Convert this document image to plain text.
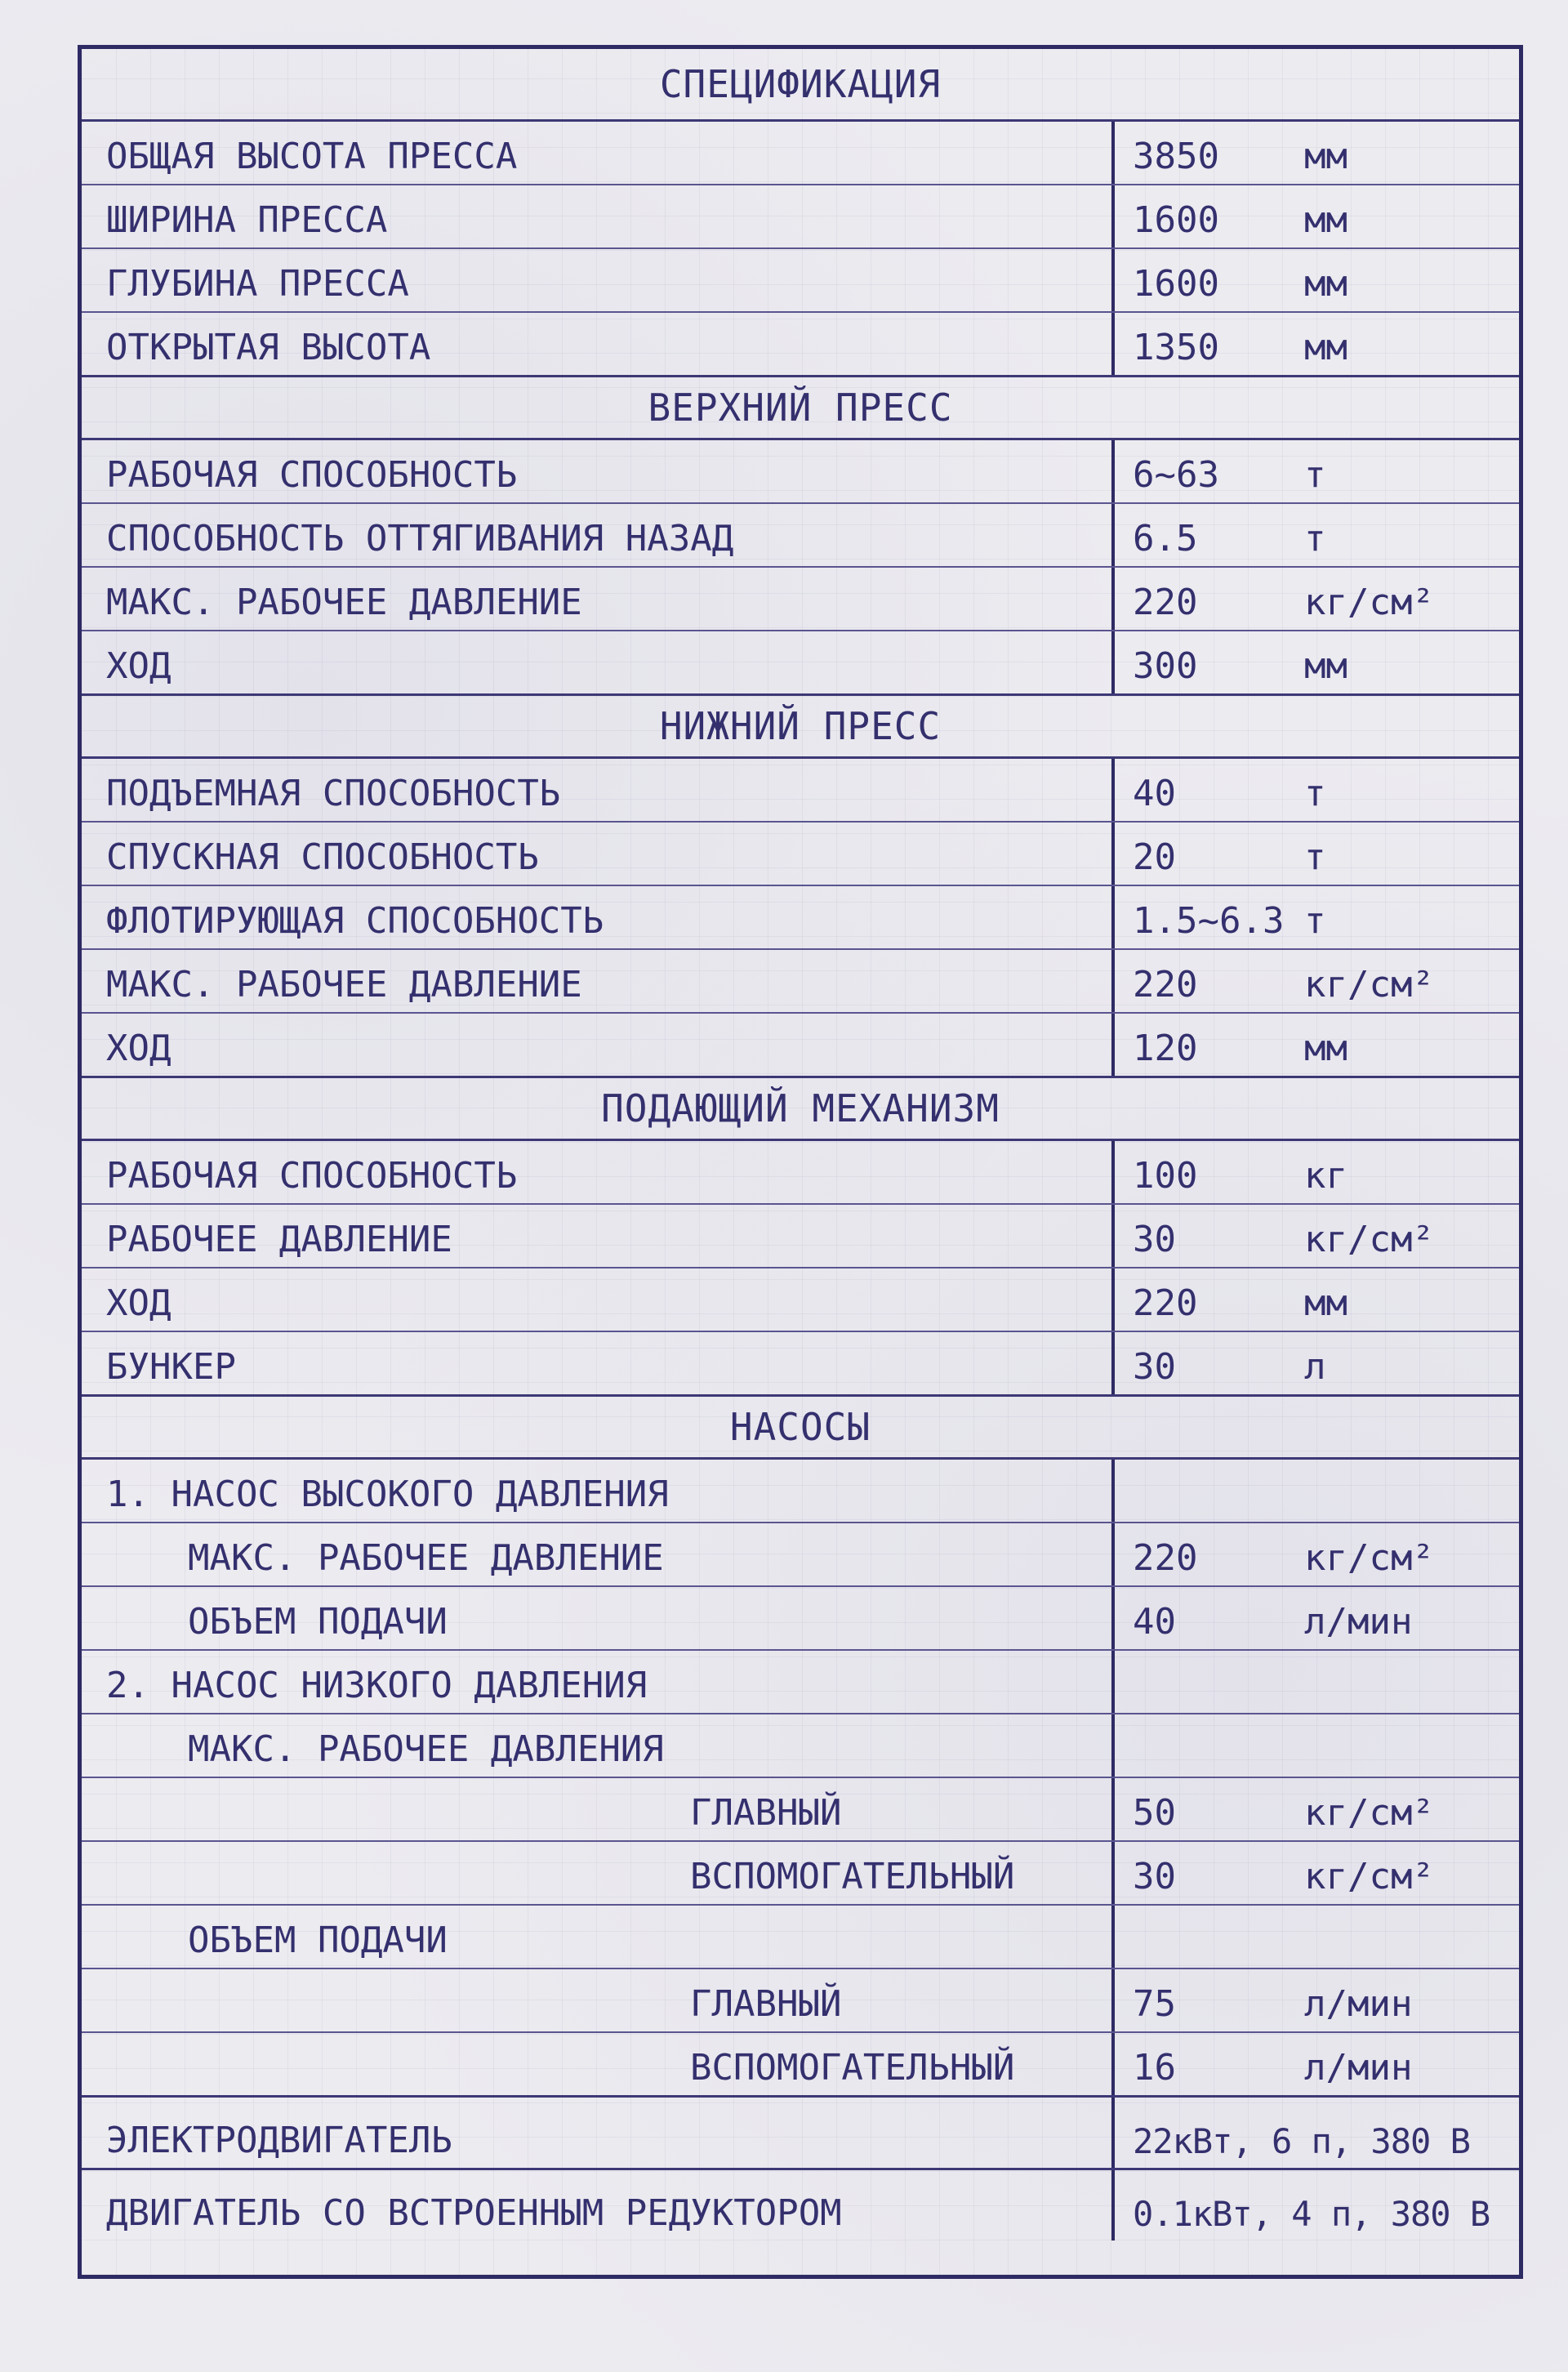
СПЕЦИФИКАЦИЯ
ОБЩАЯ ВЫСОТА ПРЕССА	3850	мм
ШИРИНА ПРЕССА	1600	мм
ГЛУБИНА ПРЕССА	1600	мм
ОТКРЫТАЯ ВЫСОТА	1350	мм
ВЕРХНИЙ ПРЕСС
РАБОЧАЯ СПОСОБНОСТЬ	6~63	т
СПОСОБНОСТЬ ОТТЯГИВАНИЯ НАЗАД	6.5	т
МАКС. РАБОЧЕЕ ДАВЛЕНИЕ	220	кг/см²
ХОД	300	мм
НИЖНИЙ ПРЕСС
ПОДЪЕМНАЯ СПОСОБНОСТЬ	40	т
СПУСКНАЯ СПОСОБНОСТЬ	20	т
ФЛОТИРУЮЩАЯ СПОСОБНОСТЬ	1.5~6.3 т
МАКС. РАБОЧЕЕ ДАВЛЕНИЕ	220	кг/см²
ХОД	120	мм
ПОДАЮЩИЙ МЕХАНИЗМ
РАБОЧАЯ СПОСОБНОСТЬ	100	кг
РАБОЧЕЕ ДАВЛЕНИЕ	30	кг/см²
ХОД	220	мм
БУНКЕР	30	л
НАСОСЫ
1. НАСОС ВЫСОКОГО ДАВЛЕНИЯ
МАКС. РАБОЧЕЕ ДАВЛЕНИЕ	220	кг/см²
ОБЪЕМ ПОДАЧИ	40	л/мин
2. НАСОС НИЗКОГО ДАВЛЕНИЯ
МАКС. РАБОЧЕЕ ДАВЛЕНИЯ
ГЛАВНЫЙ	50	кг/см²
ВСПОМОГАТЕЛЬНЫЙ	30	кг/см²
ОБЪЕМ ПОДАЧИ
ГЛАВНЫЙ	75	л/мин
ВСПОМОГАТЕЛЬНЫЙ	16	л/мин
ЭЛЕКТРОДВИГАТЕЛЬ	22кВт, 6 п, 380 В
ДВИГАТЕЛЬ СО ВСТРОЕННЫМ РЕДУКТОРОМ	0.1кВт, 4 п, 380 В
